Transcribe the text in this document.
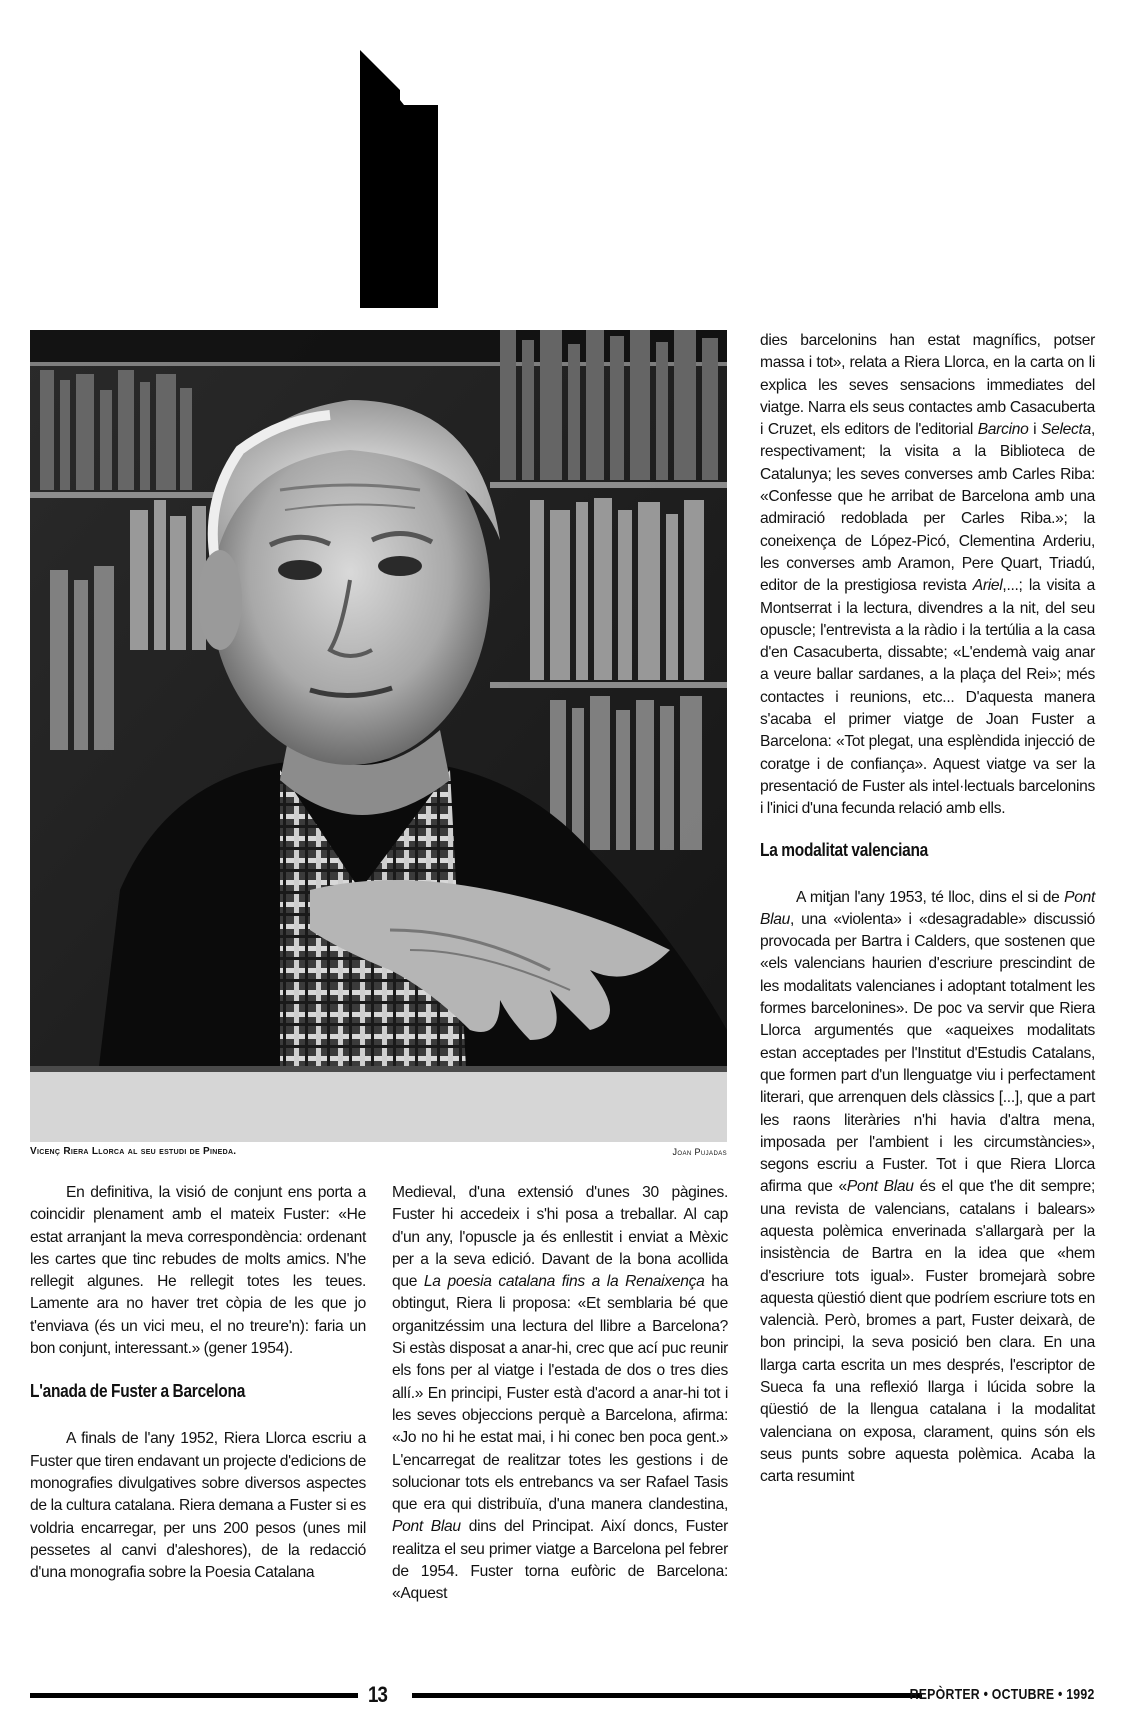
Vicenç Riera Llorca al seu estudi de Pineda.	Joan Pujadas

En definitiva, la visió de conjunt ens porta a coincidir plenament amb el mateix Fuster: «He estat arranjant la meva correspondència: ordenant les cartes que tinc rebudes de molts amics. N'he rellegit algunes. He rellegit totes les teues. Lamente ara no haver tret còpia de les que jo t'enviava (és un vici meu, el no treure'n): faria un bon conjunt, interessant.» (gener 1954).

L'anada de Fuster a Barcelona

A finals de l'any 1952, Riera Llorca escriu a Fuster que tiren endavant un projecte d'edicions de monografies divulgatives sobre diversos aspectes de la cultura catalana. Riera demana a Fuster si es voldria encarregar, per uns 200 pesos (unes mil pessetes al canvi d'aleshores), de la redacció d'una monografia sobre la Poesia Catalana

Medieval, d'una extensió d'unes 30 pàgines. Fuster hi accedeix i s'hi posa a treballar. Al cap d'un any, l'opuscle ja és enllestit i enviat a Mèxic per a la seva edició. Davant de la bona acollida que La poesia catalana fins a la Renaixença ha obtingut, Riera li proposa: «Et semblaria bé que organitzéssim una lectura del llibre a Barcelona? Si estàs disposat a anar-hi, crec que ací puc reunir els fons per al viatge i l'estada de dos o tres dies allí.» En principi, Fuster està d'acord a anar-hi tot i les seves objeccions perquè a Barcelona, afirma: «Jo no hi he estat mai, i hi conec ben poca gent.» L'encarregat de realitzar totes les gestions i de solucionar tots els entrebancs va ser Rafael Tasis que era qui distribuïa, d'una manera clandestina, Pont Blau dins del Principat. Així doncs, Fuster realitza el seu primer viatge a Barcelona pel febrer de 1954. Fuster torna eufòric de Barcelona: «Aquest

dies barcelonins han estat magnífics, potser massa i tot», relata a Riera Llorca, en la carta on li explica les seves sensacions immediates del viatge. Narra els seus contactes amb Casacuberta i Cruzet, els editors de l'editorial Barcino i Selecta, respectivament; la visita a la Biblioteca de Catalunya; les seves converses amb Carles Riba: «Confesse que he arribat de Barcelona amb una admiració redoblada per Carles Riba.»; la coneixença de López-Picó, Clementina Arderiu, les converses amb Aramon, Pere Quart, Triadú, editor de la prestigiosa revista Ariel,...; la visita a Montserrat i la lectura, divendres a la nit, del seu opuscle; l'entrevista a la ràdio i la tertúlia a la casa d'en Casacuberta, dissabte; «L'endemà vaig anar a veure ballar sardanes, a la plaça del Rei»; més contactes i reunions, etc... D'aquesta manera s'acaba el primer viatge de Joan Fuster a Barcelona: «Tot plegat, una esplèndida injecció de coratge i de confiança». Aquest viatge va ser la presentació de Fuster als intel·lectuals barcelonins i l'inici d'una fecunda relació amb ells.

La modalitat valenciana

A mitjan l'any 1953, té lloc, dins el si de Pont Blau, una «violenta» i «desagradable» discussió provocada per Bartra i Calders, que sostenen que «els valencians haurien d'escriure prescindint de les modalitats valencianes i adoptant totalment les formes barcelonines». De poc va servir que Riera Llorca argumentés que «aqueixes modalitats estan acceptades per l'Institut d'Estudis Catalans, que formen part d'un llenguatge viu i perfectament literari, que arrenquen dels clàssics [...], que a part les raons literàries n'hi havia d'altra mena, imposada per l'ambient i les circumstàncies», segons escriu a Fuster. Tot i que Riera Llorca afirma que «Pont Blau és el que t'he dit sempre; una revista de valencians, catalans i balears» aquesta polèmica enverinada s'allargarà per la insistència de Bartra en la idea que «hem d'escriure tots igual». Fuster bromejarà sobre aquesta qüestió dient que podríem escriure tots en valencià. Però, bromes a part, Fuster deixarà, de bon principi, la seva posició ben clara. En una llarga carta escrita un mes després, l'escriptor de Sueca fa una reflexió llarga i lúcida sobre la qüestió de la llengua catalana i la modalitat valenciana on exposa, clarament, quins són els seus punts sobre aquesta polèmica. Acaba la carta resumint

13	REPÒRTER • OCTUBRE • 1992
